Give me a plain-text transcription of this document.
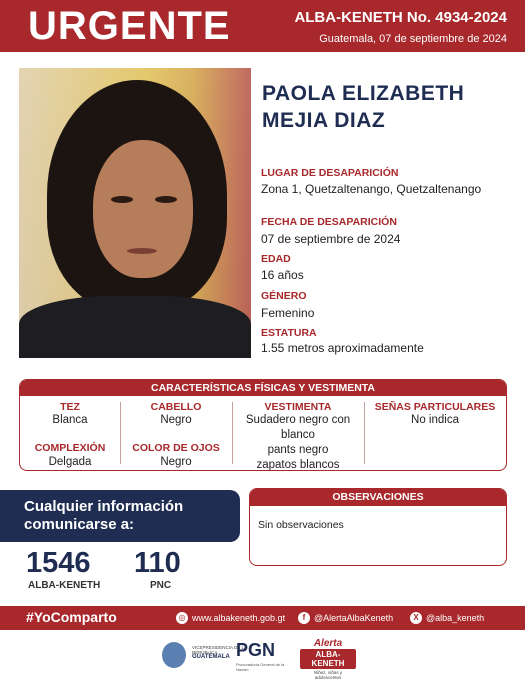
URGENTE	ALBA-KENETH No. 4934-2024
Guatemala, 07 de septiembre de 2024
PAOLA ELIZABETH
MEJIA DIAZ
LUGAR DE DESAPARICIÓN
Zona 1, Quetzaltenango, Quetzaltenango
FECHA DE DESAPARICIÓN
07 de septiembre de 2024
EDAD
16 años
GÉNERO
Femenino
ESTATURA
1.55 metros aproximadamente
CARACTERÍSTICAS FÍSICAS Y VESTIMENTA
TEZ
Blanca
COMPLEXIÓN
Delgada
CABELLO
Negro
COLOR DE OJOS
Negro
VESTIMENTA
Sudadero negro con
blanco
pants negro
zapatos blancos
SEÑAS PARTICULARES
No indica
Cualquier información
comunicarse a:
1546
ALBA-KENETH
110
PNC
OBSERVACIONES
Sin observaciones
#YoComparto	◎ www.albakeneth.gob.gt	f @AlertaAlbaKeneth	X @alba_keneth
VICEPRESIDENCIA DE LA REPÚBLICA
GUATEMALA PGN
Procuraduría General de la Nación
Alerta
ALBA-KENETH
Niñez, niñas y adolescentes
